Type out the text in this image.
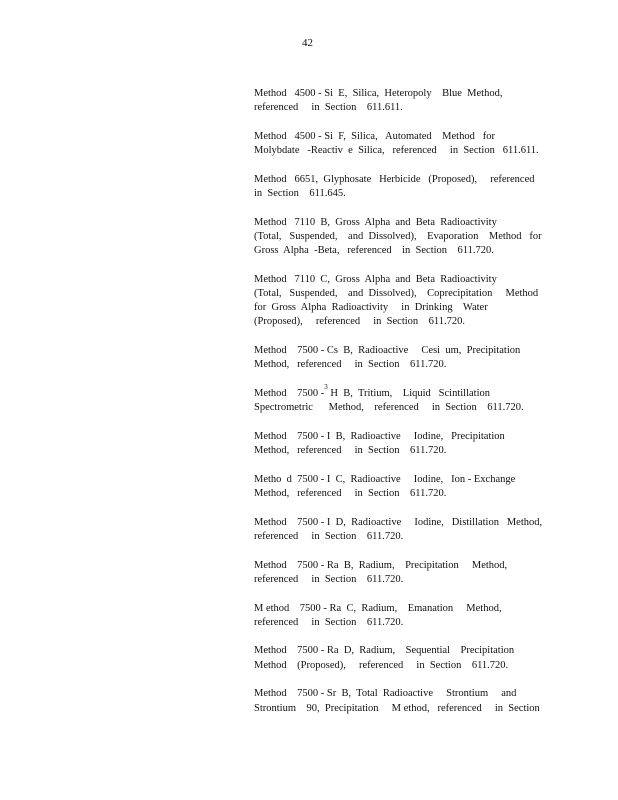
42
Method   4500 - Si  E,  Silica,  Heteropoly    Blue  Method,
referenced     in  Section    611.611.
Method   4500 - Si  F,  Silica,   Automated    Method   for
Molybdate   -Reactiv  e  Silica,   referenced     in  Section   611.611.
Method   6651,  Glyphosate   Herbicide   (Proposed),     referenced
in  Section    611.645.
Method   7110  B,  Gross  Alpha  and  Beta  Radioactivity
(Total,   Suspended,    and  Dissolved),    Evaporation    Method   for
Gross  Alpha  -Beta,   referenced    in  Section    611.720.
Method   7110  C,  Gross  Alpha  and  Beta  Radioactivity
(Total,   Suspended,    and  Dissolved),    Coprecipitation     Method
for  Gross  Alpha  Radioactivity     in  Drinking    Water
(Proposed),     referenced     in  Section    611.720.
Method    7500 - Cs  B,  Radioactive     Cesi  um,  Precipitation
Method,   referenced     in  Section    611.720.
Method    7500 -$^3$ H  B,  Tritium,    Liquid   Scintillation
Spectrometric      Method,    referenced     in  Section    611.720.
Method    7500 - I  B,  Radioactive     Iodine,   Precipitation
Method,   referenced     in  Section    611.720.
Metho  d  7500 - I  C,  Radioactive     Iodine,   Ion - Exchange
Method,   referenced     in  Section    611.720.
Method    7500 - I  D,  Radioactive     Iodine,   Distillation   Method,
referenced     in  Section    611.720.
Method    7500 - Ra  B,  Radium,    Precipitation     Method,
referenced     in  Section    611.720.
M ethod    7500 - Ra  C,  Radium,    Emanation     Method,
referenced     in  Section    611.720.
Method    7500 - Ra  D,  Radium,    Sequential    Precipitation
Method    (Proposed),     referenced     in  Section    611.720.
Method    7500 - Sr  B,  Total  Radioactive     Strontium     and
Strontium    90,  Precipitation     M ethod,   referenced     in  Section
